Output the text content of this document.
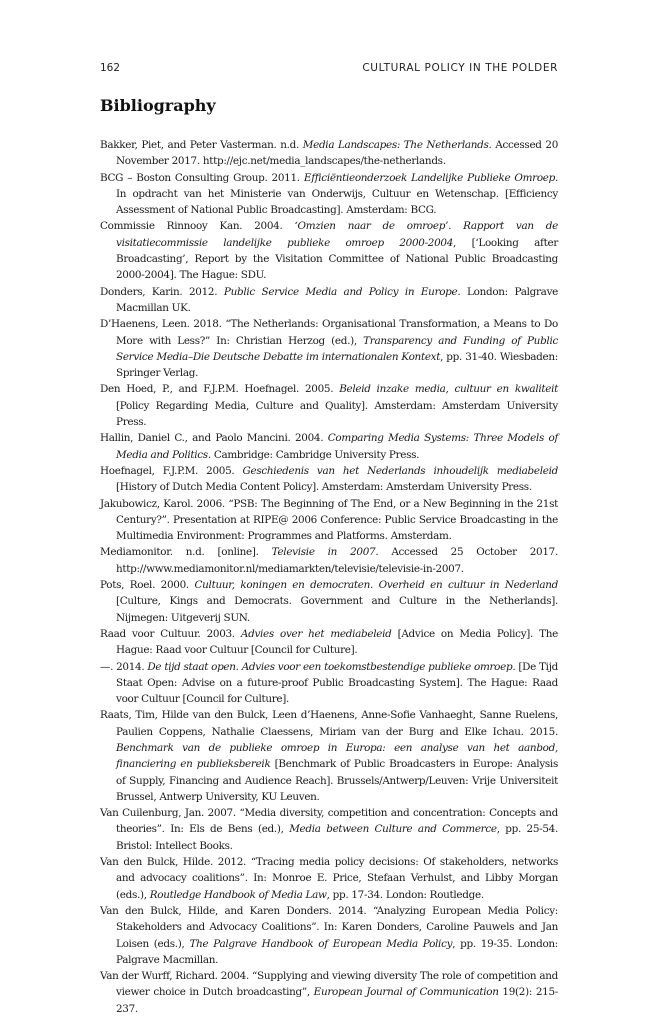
162	CULTURAL POLICY IN THE POLDER
Bibliography
Bakker, Piet, and Peter Vasterman. n.d. Media Landscapes: The Netherlands. Accessed 20 November 2017. http://ejc.net/media_landscapes/the-netherlands.
BCG – Boston Consulting Group. 2011. Efficiëntieonderzoek Landelijke Publieke Omroep. In opdracht van het Ministerie van Onderwijs, Cultuur en Wetenschap. [Efficiency Assessment of National Public Broadcasting]. Amsterdam: BCG.
Commissie Rinnooy Kan. 2004. ‘Omzien naar de omroep’. Rapport van de visitatiecommissie landelijke publieke omroep 2000-2004, [‘Looking after Broadcasting’, Report by the Visitation Committee of National Public Broadcasting 2000-2004]. The Hague: SDU.
Donders, Karin. 2012. Public Service Media and Policy in Europe. London: Palgrave Macmillan UK.
D’Haenens, Leen. 2018. “The Netherlands: Organisational Transformation, a Means to Do More with Less?” In: Christian Herzog (ed.), Transparency and Funding of Public Service Media–Die Deutsche Debatte im internationalen Kontext, pp. 31-40. Wiesbaden: Springer Verlag.
Den Hoed, P., and F.J.P.M. Hoefnagel. 2005. Beleid inzake media, cultuur en kwaliteit [Policy Regarding Media, Culture and Quality]. Amsterdam: Amsterdam University Press.
Hallin, Daniel C., and Paolo Mancini. 2004. Comparing Media Systems: Three Models of Media and Politics. Cambridge: Cambridge University Press.
Hoefnagel, F.J.P.M. 2005. Geschiedenis van het Nederlands inhoudelijk mediabeleid [History of Dutch Media Content Policy]. Amsterdam: Amsterdam University Press.
Jakubowicz, Karol. 2006. “PSB: The Beginning of The End, or a New Beginning in the 21st Century?”. Presentation at RIPE@ 2006 Conference: Public Service Broadcasting in the Multimedia Environment: Programmes and Platforms. Amsterdam.
Mediamonitor. n.d. [online]. Televisie in 2007. Accessed 25 October 2017. http://www.mediamonitor.nl/mediamarkten/televisie/televisie-in-2007.
Pots, Roel. 2000. Cultuur, koningen en democraten. Overheid en cultuur in Nederland [Culture, Kings and Democrats. Government and Culture in the Netherlands]. Nijmegen: Uitgeverij SUN.
Raad voor Cultuur. 2003. Advies over het mediabeleid [Advice on Media Policy]. The Hague: Raad voor Cultuur [Council for Culture].
—. 2014. De tijd staat open. Advies voor een toekomstbestendige publieke omroep. [De Tijd Staat Open: Advise on a future-proof Public Broadcasting System]. The Hague: Raad voor Cultuur [Council for Culture].
Raats, Tim, Hilde van den Bulck, Leen d’Haenens, Anne-Sofie Vanhaeght, Sanne Ruelens, Paulien Coppens, Nathalie Claessens, Miriam van der Burg and Elke Ichau. 2015. Benchmark van de publieke omroep in Europa: een analyse van het aanbod, financiering en publieksbereik [Benchmark of Public Broadcasters in Europe: Analysis of Supply, Financing and Audience Reach]. Brussels/Antwerp/Leuven: Vrije Universiteit Brussel, Antwerp University, KU Leuven.
Van Cuilenburg, Jan. 2007. “Media diversity, competition and concentration: Concepts and theories”. In: Els de Bens (ed.), Media between Culture and Commerce, pp. 25-54. Bristol: Intellect Books.
Van den Bulck, Hilde. 2012. “Tracing media policy decisions: Of stakeholders, networks and advocacy coalitions”. In: Monroe E. Price, Stefaan Verhulst, and Libby Morgan (eds.), Routledge Handbook of Media Law, pp. 17-34. London: Routledge.
Van den Bulck, Hilde, and Karen Donders. 2014. “Analyzing European Media Policy: Stakeholders and Advocacy Coalitions”. In: Karen Donders, Caroline Pauwels and Jan Loisen (eds.), The Palgrave Handbook of European Media Policy, pp. 19-35. London: Palgrave Macmillan.
Van der Wurff, Richard. 2004. “Supplying and viewing diversity The role of competition and viewer choice in Dutch broadcasting”, European Journal of Communication 19(2): 215-237.
